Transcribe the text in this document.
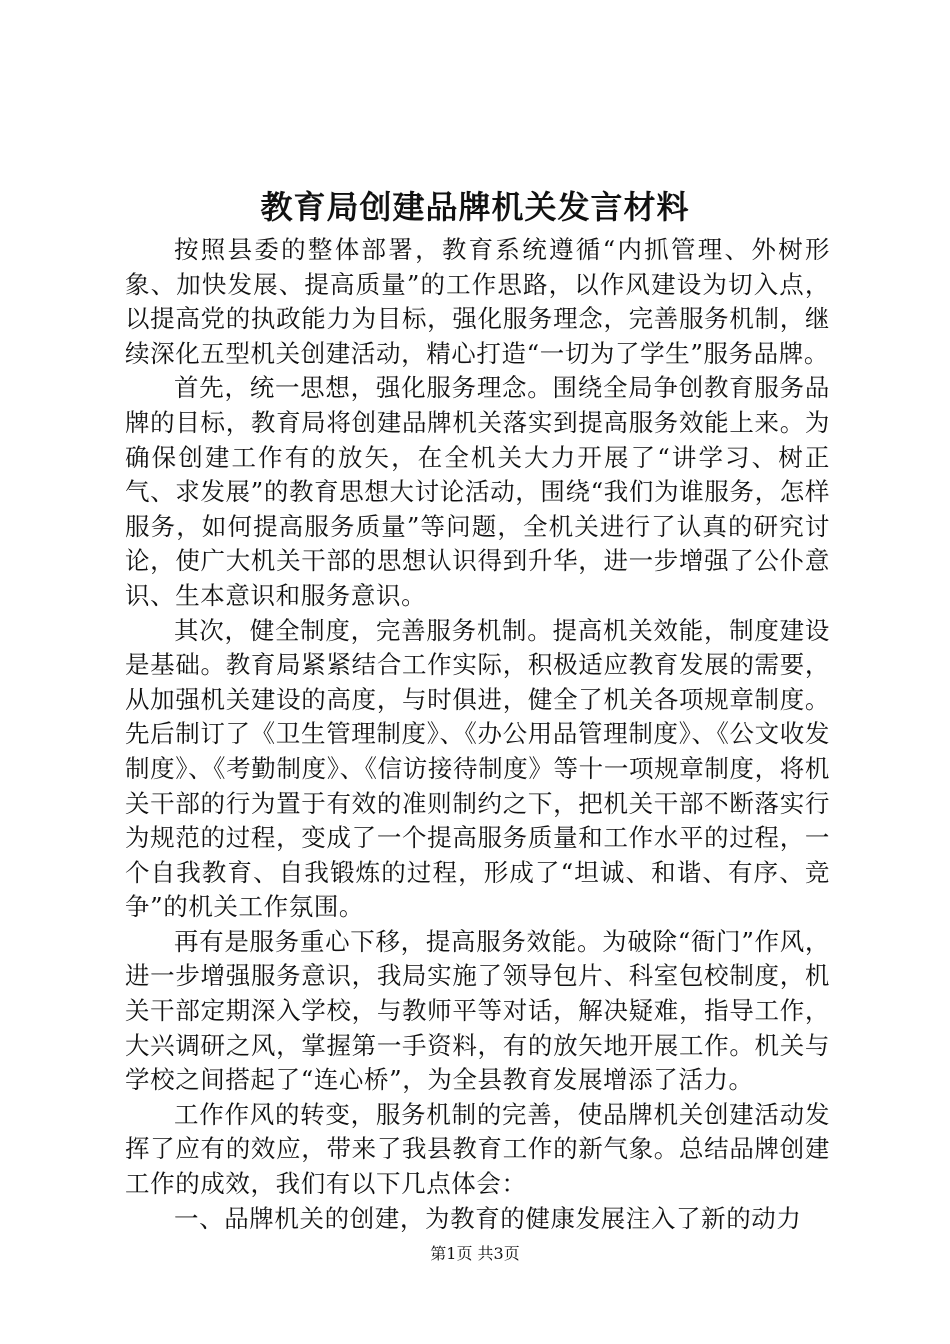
教育局创建品牌机关发言材料

按照县委的整体部署，教育系统遵循“内抓管理、外树形象、加快发展、提高质量”的工作思路，以作风建设为切入点，以提高党的执政能力为目标，强化服务理念，完善服务机制，继续深化五型机关创建活动，精心打造“一切为了学生”服务品牌。

首先，统一思想，强化服务理念。围绕全局争创教育服务品牌的目标，教育局将创建品牌机关落实到提高服务效能上来。为确保创建工作有的放矢，在全机关大力开展了“讲学习、树正气、求发展”的教育思想大讨论活动，围绕“我们为谁服务，怎样服务，如何提高服务质量”等问题，全机关进行了认真的研究讨论，使广大机关干部的思想认识得到升华，进一步增强了公仆意识、生本意识和服务意识。

其次，健全制度，完善服务机制。提高机关效能，制度建设是基础。教育局紧紧结合工作实际，积极适应教育发展的需要，从加强机关建设的高度，与时俱进，健全了机关各项规章制度。先后制订了《卫生管理制度》、《办公用品管理制度》、《公文收发制度》、《考勤制度》、《信访接待制度》等十一项规章制度，将机关干部的行为置于有效的准则制约之下，把机关干部不断落实行为规范的过程，变成了一个提高服务质量和工作水平的过程，一个自我教育、自我锻炼的过程，形成了“坦诚、和谐、有序、竞争”的机关工作氛围。

再有是服务重心下移，提高服务效能。为破除“衙门”作风，进一步增强服务意识，我局实施了领导包片、科室包校制度，机关干部定期深入学校，与教师平等对话，解决疑难，指导工作，大兴调研之风，掌握第一手资料，有的放矢地开展工作。机关与学校之间搭起了“连心桥”，为全县教育发展增添了活力。

工作作风的转变，服务机制的完善，使品牌机关创建活动发挥了应有的效应，带来了我县教育工作的新气象。总结品牌创建工作的成效，我们有以下几点体会：

一、品牌机关的创建，为教育的健康发展注入了新的动力

第1页 共3页
